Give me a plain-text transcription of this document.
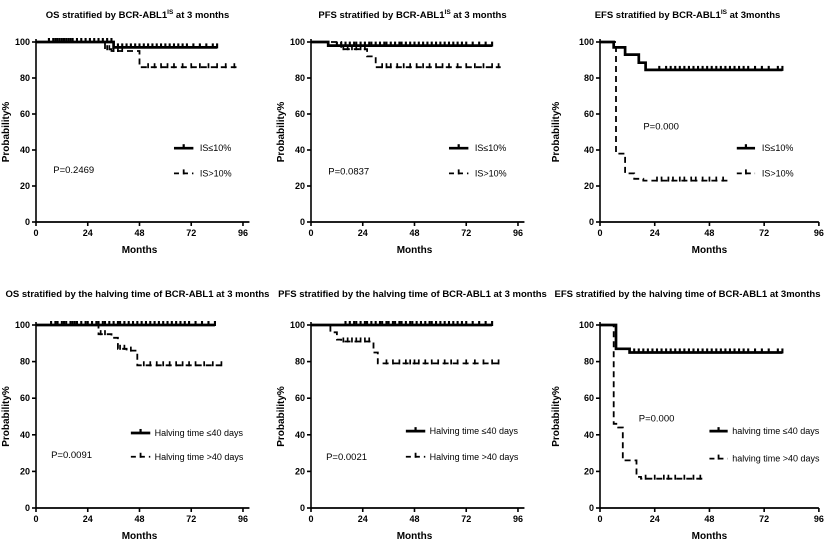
OS stratified by BCR-$ABL1^{IS}$ at 3 months
0
20
40
60
80
100
0	24	48	72	96
Probability%
Months
IS≤10%
IS>10%
P=0.2469
PFS stratified by BCR-$ABL1^{IS}$ at 3 months
0
20
40
60
80
100
0	24	48	72	96
Probability%
Months
IS≤10%
IS>10%
P=0.0837
EFS stratified by BCR-$ABL1^{IS}$ at 3months
0
20
40
60
80
100
0	24	48	72	96
Probability%
Months
IS≤10%
IS>10%
P=0.000
OS stratified by the halving time of BCR-ABL1 at 3 months
0
20
40
60
80
100
0	24	48	72	96
Probability%
Months
Halving time ≤40 days
Halving time >40 days
P=0.0091
PFS stratified by the halving time of BCR-ABL1 at 3 months
0
20
40
60
80
100
0	24	48	72	96
Probability%
Months
Halving time ≤40 days
Halving time >40 days
P=0.0021
EFS stratified by the halving time of BCR-ABL1 at 3months
0
20
40
60
80
100
0	24	48	72	96
Probability%
Months
halving time ≤40 days
halving time >40 days
P=0.000
